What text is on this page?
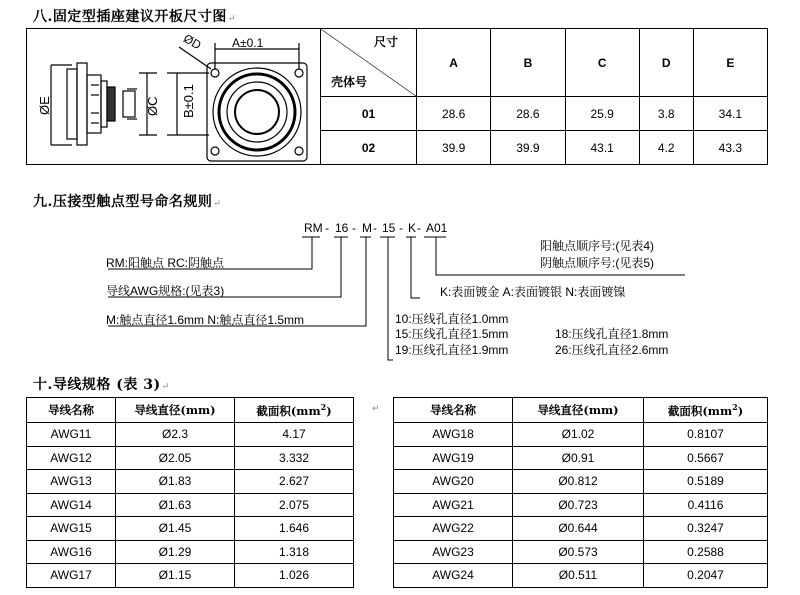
八.固定型插座建议开板尺寸图↵
ØE	ØC B±0.1
A±0.1
ØD	尺寸
壳体号	A	B	C	D	E
01	28.6	28.6	25.9	3.8	34.1
02	39.9	39.9	43.1	4.2	43.3
九.压接型触点型号命名规则↵
RM - 16 - M - 15 - K - A01
RM:阳触点 RC:阴触点
导线AWG规格:(见表3)
M:触点直径1.6mm N:触点直径1.5mm
K:表面镀金 A:表面镀银 N:表面镀镍
阳触点顺序号:(见表4)
阴触点顺序号:(见表5)
10:压线孔直径1.0mm
15:压线孔直径1.5mm
19:压线孔直径1.9mm
18:压线孔直径1.8mm
26:压线孔直径2.6mm
十.导线规格 (表 3)↵
导线名称	导线直径(mm)	截面积$(mm^2)$
AWG11	Ø2.3	4.17
AWG12	Ø2.05	3.332
AWG13	Ø1.83	2.627
AWG14	Ø1.63	2.075
AWG15	Ø1.45	1.646
AWG16	Ø1.29	1.318
AWG17	Ø1.15	1.026
↵	导线名称	导线直径(mm)	截面积$(mm^2)$
AWG18	Ø1.02	0.8107
AWG19	Ø0.91	0.5667
AWG20	Ø0.812	0.5189
AWG21	Ø0.723	0.4116
AWG22	Ø0.644	0.3247
AWG23	Ø0.573	0.2588
AWG24	Ø0.511	0.2047
